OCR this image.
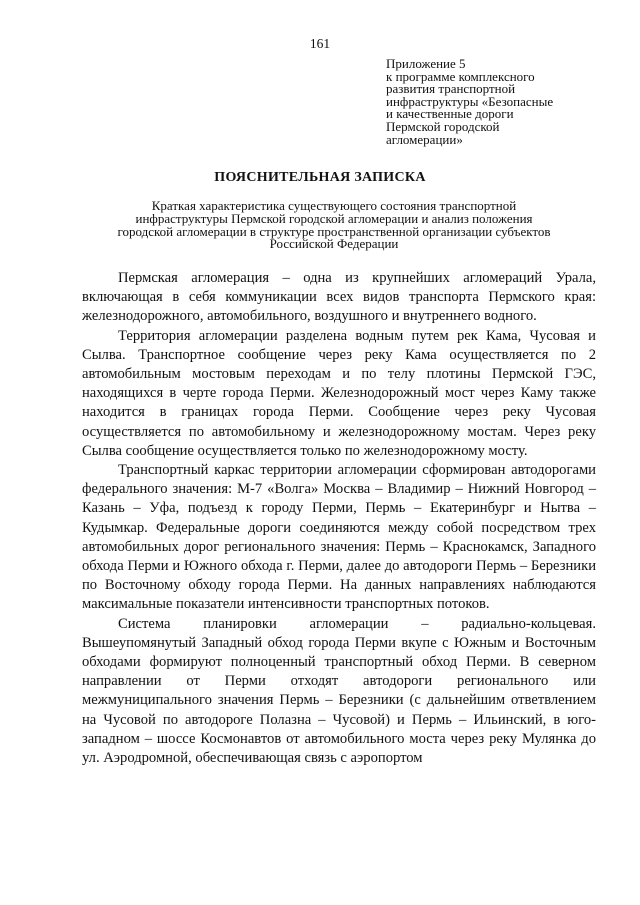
161
Приложение 5
к программе комплексного
развития транспортной
инфраструктуры «Безопасные
и качественные дороги
Пермской городской
агломерации»
ПОЯСНИТЕЛЬНАЯ ЗАПИСКА
Краткая характеристика существующего состояния транспортной
инфраструктуры Пермской городской агломерации и анализ положения
городской агломерации в структуре пространственной организации субъектов
Российской Федерации

Пермская агломерация – одна из крупнейших агломераций Урала, включающая в себя коммуникации всех видов транспорта Пермского края: железнодорожного, автомобильного, воздушного и внутреннего водного.

Территория агломерации разделена водным путем рек Кама, Чусовая и Сылва. Транспортное сообщение через реку Кама осуществляется по 2 автомобильным мостовым переходам и по телу плотины Пермской ГЭС, находящихся в черте города Перми. Железнодорожный мост через Каму также находится в границах города Перми. Сообщение через реку Чусовая осуществляется по автомобильному и железнодорожному мостам. Через реку Сылва сообщение осуществляется только по железнодорожному мосту.

Транспортный каркас территории агломерации сформирован автодорогами федерального значения: М-7 «Волга» Москва – Владимир – Нижний Новгород – Казань – Уфа, подъезд к городу Перми, Пермь – Екатеринбург и Нытва – Кудымкар. Федеральные дороги соединяются между собой посредством трех автомобильных дорог регионального значения: Пермь – Краснокамск, Западного обхода Перми и Южного обхода г. Перми, далее до автодороги Пермь – Березники по Восточному обходу города Перми. На данных направлениях наблюдаются максимальные показатели интенсивности транспортных потоков.

Система планировки агломерации – радиально-кольцевая. Вышеупомянутый Западный обход города Перми вкупе с Южным и Восточным обходами формируют полноценный транспортный обход Перми. В северном направлении от Перми отходят автодороги регионального или межмуниципального значения Пермь – Березники (с дальнейшим ответвлением на Чусовой по автодороге Полазна – Чусовой) и Пермь – Ильинский, в юго-западном – шоссе Космонавтов от автомобильного моста через реку Мулянка до ул. Аэродромной, обеспечивающая связь с аэропортом
